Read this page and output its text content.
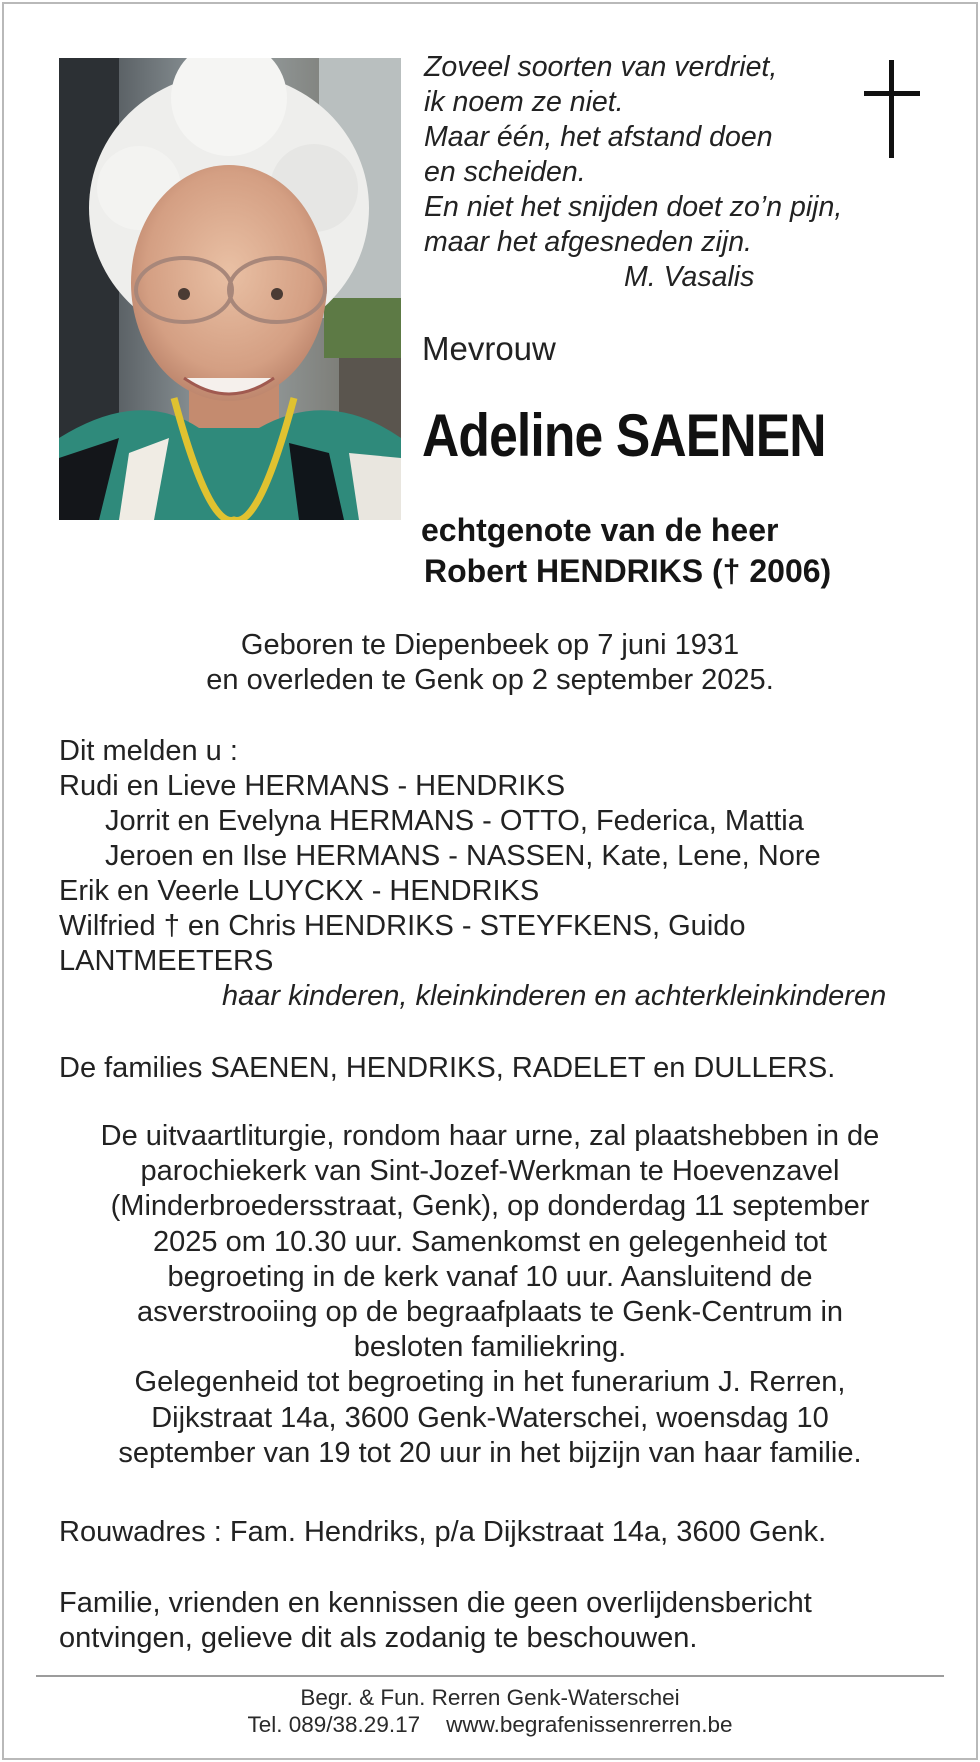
Zoveel soorten van verdriet,
ik noem ze niet.
Maar één, het afstand doen
en scheiden.
En niet het snijden doet zo’n pijn,
maar het afgesneden zijn.
M. Vasalis
Mevrouw
Adeline SAENEN
echtgenote van de heer
Robert HENDRIKS († 2006)
Geboren te Diepenbeek op 7 juni 1931
en overleden te Genk op 2 september 2025.
Dit melden u :
Rudi en Lieve HERMANS - HENDRIKS
Jorrit en Evelyna HERMANS - OTTO, Federica, Mattia
Jeroen en Ilse HERMANS - NASSEN, Kate, Lene, Nore
Erik en Veerle LUYCKX - HENDRIKS
Wilfried † en Chris HENDRIKS - STEYFKENS, Guido
LANTMEETERS
haar kinderen, kleinkinderen en achterkleinkinderen
De families SAENEN, HENDRIKS, RADELET en DULLERS.
De uitvaartliturgie, rondom haar urne, zal plaatshebben in de
parochiekerk van Sint-Jozef-Werkman te Hoevenzavel
(Minderbroedersstraat, Genk), op donderdag 11 september
2025 om 10.30 uur. Samenkomst en gelegenheid tot
begroeting in de kerk vanaf 10 uur. Aansluitend de
asverstrooiing op de begraafplaats te Genk-Centrum in
besloten familiekring.
Gelegenheid tot begroeting in het funerarium J. Rerren,
Dijkstraat 14a, 3600 Genk-Waterschei, woensdag 10
september van 19 tot 20 uur in het bijzijn van haar familie.
Rouwadres : Fam. Hendriks, p/a Dijkstraat 14a, 3600 Genk.
Familie, vrienden en kennissen die geen overlijdensbericht
ontvingen, gelieve dit als zodanig te beschouwen.
Begr. & Fun. Rerren Genk-Waterschei
Tel. 089/38.29.17 www.begrafenissenrerren.be
